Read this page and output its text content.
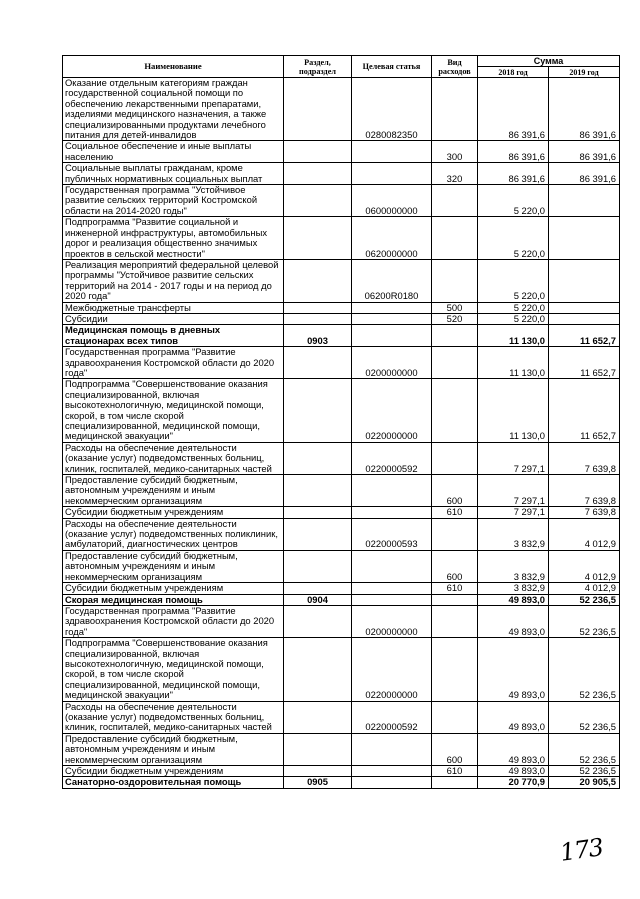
Наименование	Раздел, подраздел	Целевая статья	Вид расходов	Сумма	
				2018 год	2019 год
Оказание отдельным категориям граждан государственной социальной помощи по обеспечению лекарственными препаратами, изделиями медицинского назначения, а также специализированными продуктами лечебного питания для детей-инвалидов		0280082350		86 391,6	86 391,6
Социальное обеспечение и иные выплаты населению			300	86 391,6	86 391,6
Социальные выплаты гражданам, кроме публичных нормативных социальных выплат			320	86 391,6	86 391,6
Государственная программа "Устойчивое развитие сельских территорий Костромской области на 2014-2020 годы"		0600000000		5 220,0	
Подпрограмма "Развитие социальной и инженерной инфраструктуры, автомобильных дорог и реализация общественно значимых проектов в сельской местности"		0620000000		5 220,0	
Реализация мероприятий федеральной целевой программы "Устойчивое развитие сельских территорий на 2014 - 2017 годы и на период до 2020 года"		06200R0180		5 220,0	
Межбюджетные трансферты			500	5 220,0	
Субсидии			520	5 220,0	
Медицинская помощь в дневных стационарах всех типов	0903			11 130,0	11 652,7
Государственная программа "Развитие здравоохранения Костромской области до 2020 года"		0200000000		11 130,0	11 652,7
Подпрограмма "Совершенствование оказания специализированной, включая высокотехнологичную, медицинской помощи, скорой, в том числе скорой специализированной, медицинской помощи, медицинской эвакуации"		0220000000		11 130,0	11 652,7
Расходы на обеспечение деятельности (оказание услуг) подведомственных больниц, клиник, госпиталей, медико-санитарных частей		0220000592		7 297,1	7 639,8
Предоставление субсидий бюджетным, автономным учреждениям и иным некоммерческим организациям			600	7 297,1	7 639,8
Субсидии бюджетным учреждениям			610	7 297,1	7 639,8
Расходы на обеспечение деятельности (оказание услуг) подведомственных поликлиник, амбулаторий, диагностических центров		0220000593		3 832,9	4 012,9
Предоставление субсидий бюджетным, автономным учреждениям и иным некоммерческим организациям			600	3 832,9	4 012,9
Субсидии бюджетным учреждениям			610	3 832,9	4 012,9
Скорая медицинская помощь	0904			49 893,0	52 236,5
Государственная программа "Развитие здравоохранения Костромской области до 2020 года"		0200000000		49 893,0	52 236,5
Подпрограмма "Совершенствование оказания специализированной, включая высокотехнологичную, медицинской помощи, скорой, в том числе скорой специализированной, медицинской помощи, медицинской эвакуации"		0220000000		49 893,0	52 236,5
Расходы на обеспечение деятельности (оказание услуг) подведомственных больниц, клиник, госпиталей, медико-санитарных частей		0220000592		49 893,0	52 236,5
Предоставление субсидий бюджетным, автономным учреждениям и иным некоммерческим организациям			600	49 893,0	52 236,5
Субсидии бюджетным учреждениям			610	49 893,0	52 236,5
Санаторно-оздоровительная помощь	0905			20 770,9	20 905,5
173
